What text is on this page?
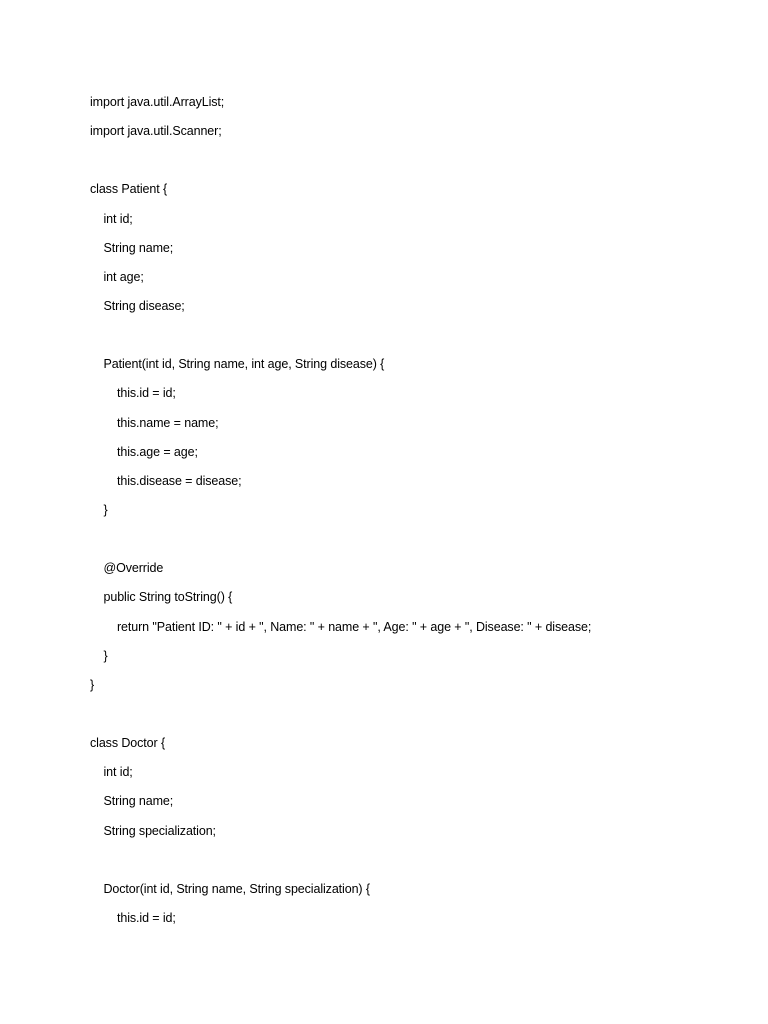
import java.util.ArrayList;
import java.util.Scanner;
class Patient {
int id;
String name;
int age;
String disease;
Patient(int id, String name, int age, String disease) {
this.id = id;
this.name = name;
this.age = age;
this.disease = disease;
}
@Override
public String toString() {
return "Patient ID: " + id + ", Name: " + name + ", Age: " + age + ", Disease: " + disease;
}
}
class Doctor {
int id;
String name;
String specialization;
Doctor(int id, String name, String specialization) {
this.id = id;
